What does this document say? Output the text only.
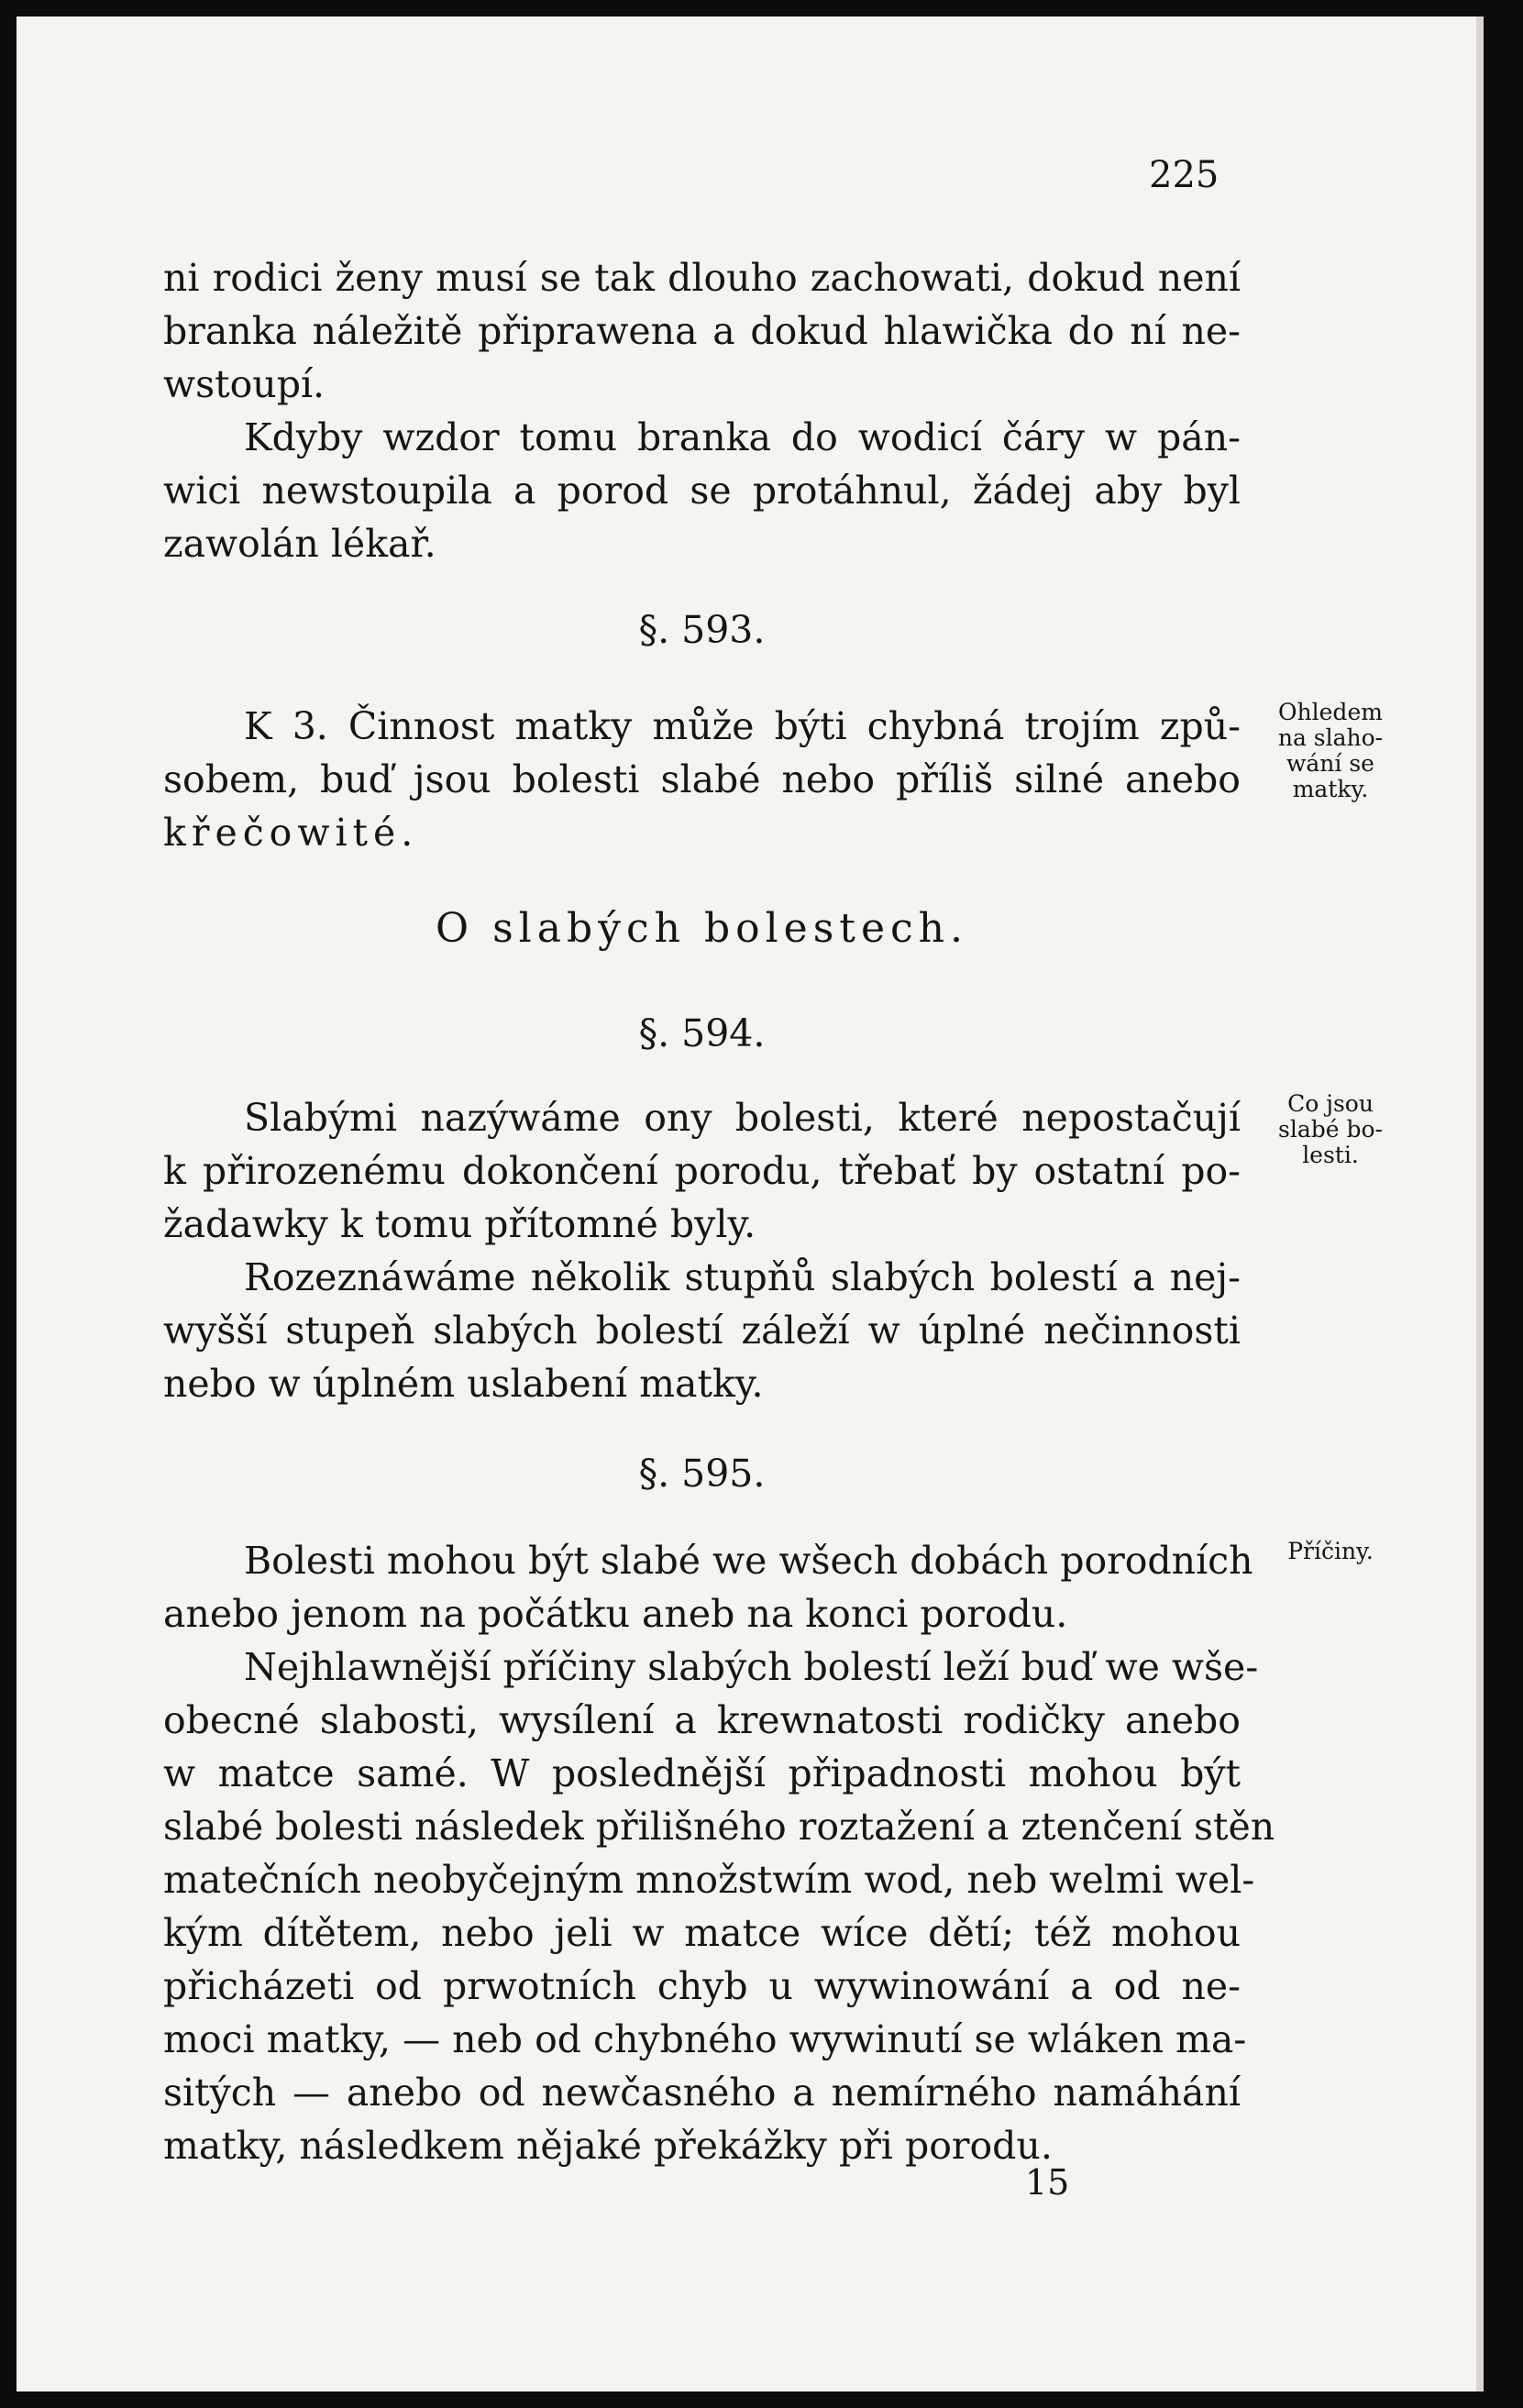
225
ni rodici ženy musí se tak dlouho zachowati, dokud není
branka náležitě připrawena a dokud hlawička do ní ne-
wstoupí.
Kdyby wzdor tomu branka do wodicí čáry w pán-
wici newstoupila a porod se protáhnul, žádej aby byl
zawolán lékař.
§. 593.
K 3. Činnost matky může býti chybná trojím způ-
sobem, buď jsou bolesti slabé nebo příliš silné anebo
křečowité.
O slabých bolestech.
§. 594.
Slabými nazýwáme ony bolesti, které nepostačují
k přirozenému dokončení porodu, třebať by ostatní po-
žadawky k tomu přítomné byly.
Rozeznáwáme několik stupňů slabých bolestí a nej-
wyšší stupeň slabých bolestí záleží w úplné nečinnosti
nebo w úplném uslabení matky.
§. 595.
Bolesti mohou být slabé we wšech dobách porodních
anebo jenom na počátku aneb na konci porodu.
Nejhlawnější příčiny slabých bolestí leží buď we wše-
obecné slabosti, wysílení a krewnatosti rodičky anebo
w matce samé. W poslednější připadnosti mohou být
slabé bolesti následek přilišného roztažení a ztenčení stěn
matečních neobyčejným množstwím wod, neb welmi wel-
kým dítětem, nebo jeli w matce wíce dětí; též mohou
přicházeti od prwotních chyb u wywinowání a od ne-
moci matky, — neb od chybného wywinutí se wláken ma-
sitých — anebo od newčasného a nemírného namáhání
matky, následkem nějaké překážky při porodu.
Ohledem na slaho-wání se matky.
Co jsou slabé bo-lesti.
Příčiny.
15
